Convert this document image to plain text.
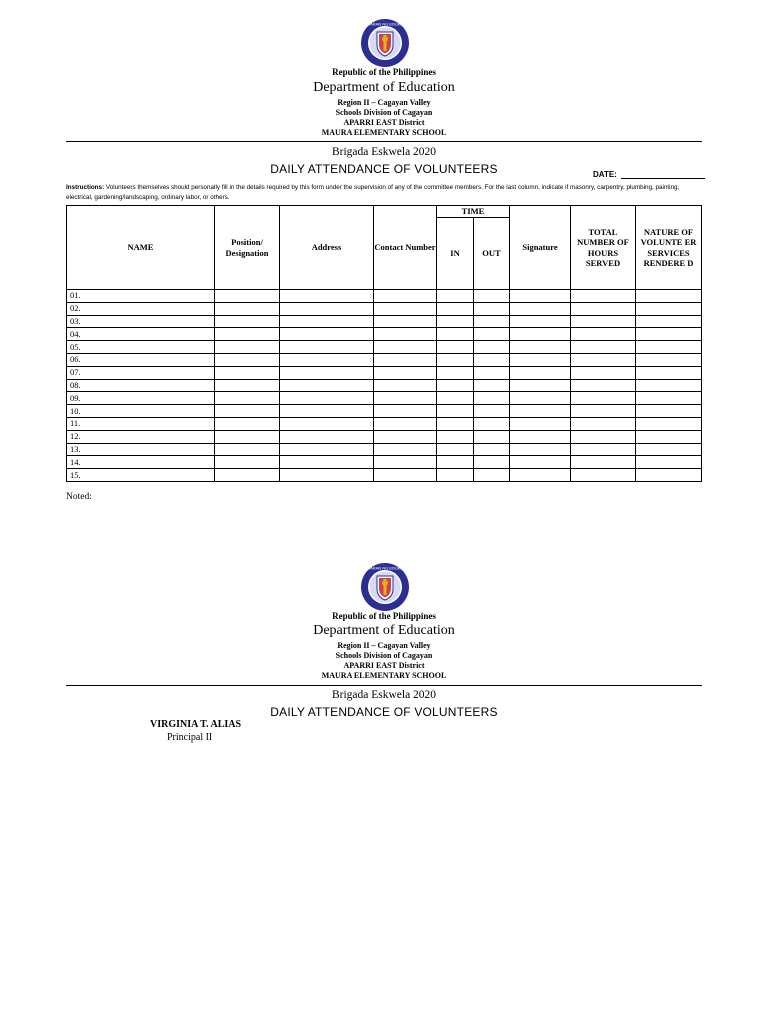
KAGAWARAN NG EDUKASYON
Republic of the Philippines
Department of Education
Region II – Cagayan Valley
Schools Division of Cagayan
APARRI EAST District
MAURA ELEMENTARY SCHOOL
Brigada Eskwela 2020
DAILY ATTENDANCE OF VOLUNTEERS	DATE:
Instructions: Volunteers themselves should personally fill in the details required by this form under the supervision of any of the committee members. For the last column, indicate if masonry, carpentry, plumbing, painting, electrical, gardening/landscaping, ordinary labor, or others.
NAME	Position/ Designation	Address	Contact Number	TIME		Signature	TOTAL NUMBER OF HOURS SERVED	NATURE OF VOLUNTE ER SERVICES RENDERE D
				IN	OUT			
01.								
02.								
03.								
04.								
05.								
06.								
07.								
08.								
09.								
10.								
11.								
12.								
13.								
14.								
15.								
Noted:
KAGAWARAN NG EDUKASYON
Republic of the Philippines
Department of Education
Region II – Cagayan Valley
Schools Division of Cagayan
APARRI EAST District
MAURA ELEMENTARY SCHOOL
Brigada Eskwela 2020
DAILY ATTENDANCE OF VOLUNTEERS
VIRGINIA T. ALIAS
Principal II
